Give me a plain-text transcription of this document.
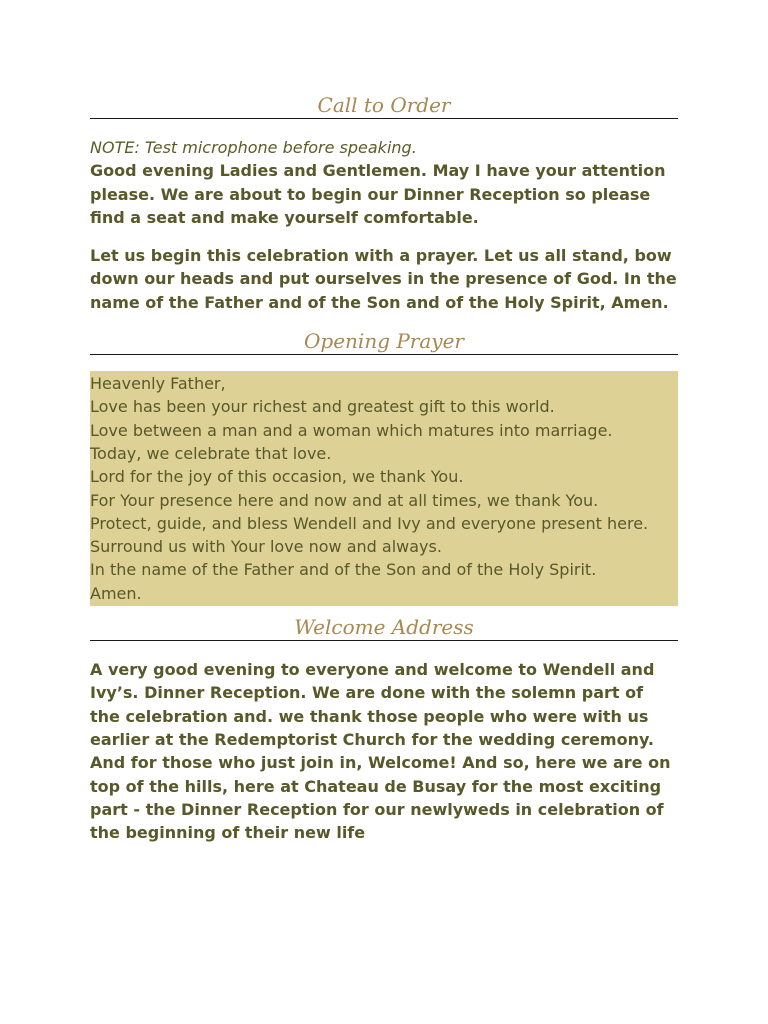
Call to Order

NOTE: Test microphone before speaking.

Good evening Ladies and Gentlemen. May I have your attention please. We are about to begin our Dinner Reception so please find a seat and make yourself comfortable.

Let us begin this celebration with a prayer. Let us all stand, bow down our heads and put ourselves in the presence of God. In the name of the Father and of the Son and of the Holy Spirit, Amen.

Opening Prayer
Heavenly Father,
Love has been your richest and greatest gift to this world.
Love between a man and a woman which matures into marriage.
Today, we celebrate that love.
Lord for the joy of this occasion, we thank You.
For Your presence here and now and at all times, we thank You.
Protect, guide, and bless Wendell and Ivy and everyone present here.
Surround us with Your love now and always.
In the name of the Father and of the Son and of the Holy Spirit.
Amen.
Welcome Address

A very good evening to everyone and welcome to Wendell and Ivy’s. Dinner Reception. We are done with the solemn part of the celebration and. we thank those people who were with us earlier at the Redemptorist Church for the wedding ceremony. And for those who just join in, Welcome! And so, here we are on top of the hills, here at Chateau de Busay for the most exciting part - the Dinner Reception for our newlyweds in celebration of the beginning of their new life
